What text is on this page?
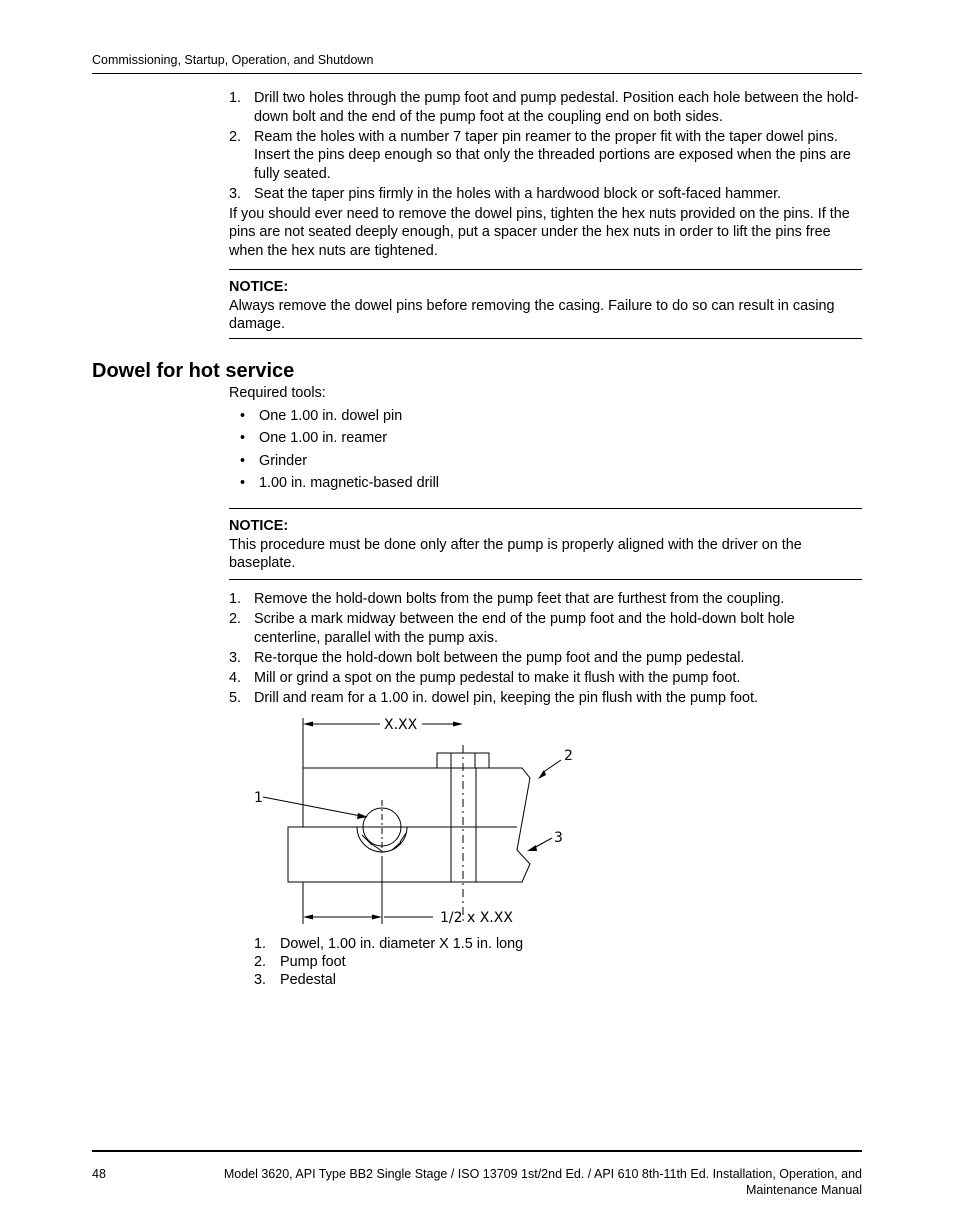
Commissioning, Startup, Operation, and Shutdown
1. Drill two holes through the pump foot and pump pedestal. Position each hole between the hold-down bolt and the end of the pump foot at the coupling end on both sides.
2. Ream the holes with a number 7 taper pin reamer to the proper fit with the taper dowel pins. Insert the pins deep enough so that only the threaded portions are exposed when the pins are fully seated.
3. Seat the taper pins firmly in the holes with a hardwood block or soft-faced hammer.

If you should ever need to remove the dowel pins, tighten the hex nuts provided on the pins. If the pins are not seated deeply enough, put a spacer under the hex nuts in order to lift the pins free when the hex nuts are tightened.

NOTICE:
Always remove the dowel pins before removing the casing. Failure to do so can result in casing damage.
Dowel for hot service
Required tools:
• One 1.00 in. dowel pin
• One 1.00 in. reamer
• Grinder
• 1.00 in. magnetic-based drill
NOTICE:
This procedure must be done only after the pump is properly aligned with the driver on the baseplate.
1. Remove the hold-down bolts from the pump feet that are furthest from the coupling.
2. Scribe a mark midway between the end of the pump foot and the hold-down bolt hole centerline, parallel with the pump axis.
3. Re-torque the hold-down bolt between the pump foot and the pump pedestal.
4. Mill or grind a spot on the pump pedestal to make it flush with the pump foot.
5. Drill and ream for a 1.00 in. dowel pin, keeping the pin flush with the pump foot.
X.XX
1/2 x X.XX
1
2
3
1. Dowel, 1.00 in. diameter X 1.5 in. long
2. Pump foot
3. Pedestal
48	Model 3620, API Type BB2 Single Stage / ISO 13709 1st/2nd Ed. / API 610 8th-11th Ed. Installation, Operation, and Maintenance Manual
